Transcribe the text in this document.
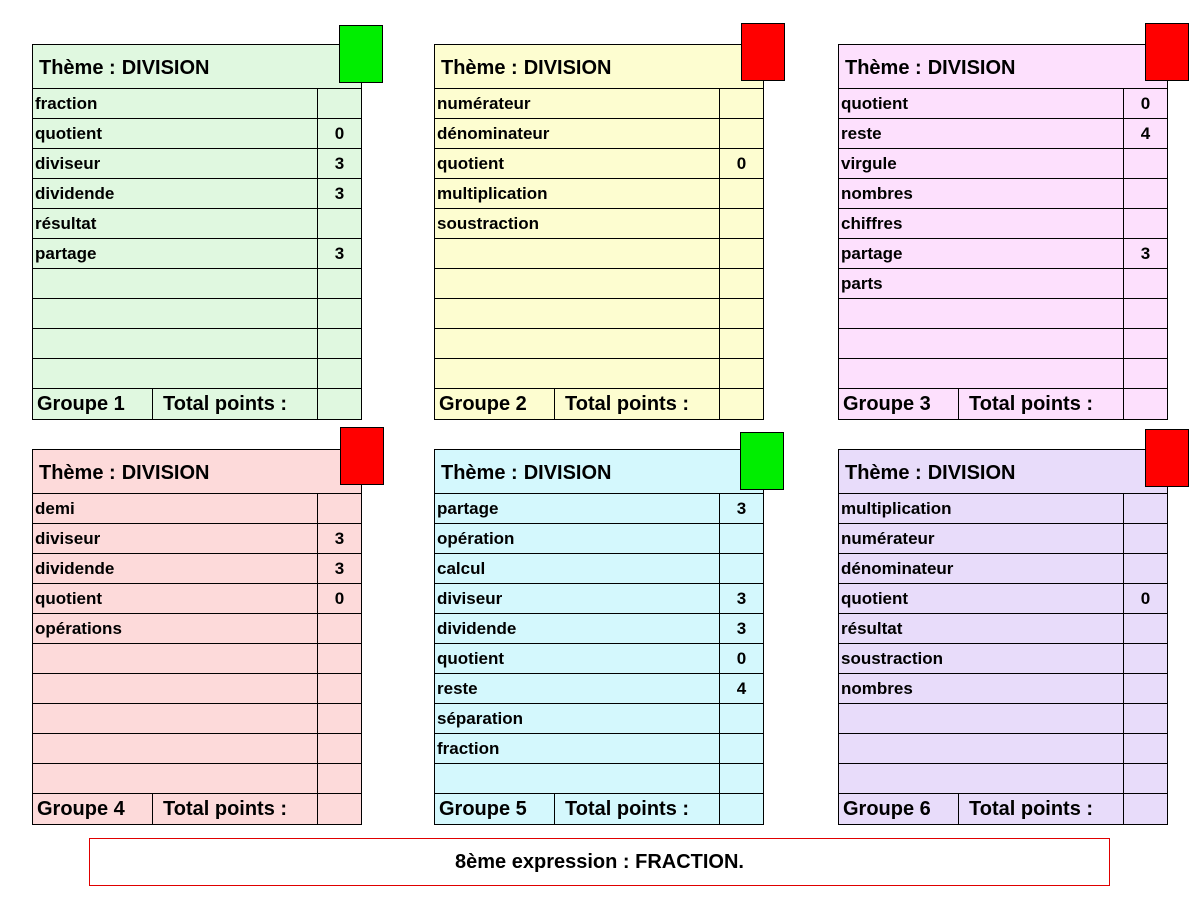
Thème : DIVISION
fraction
quotient	0
diviseur	3
dividende	3
résultat
partage	3
Groupe 1	Total points :
Thème : DIVISION
numérateur
dénominateur
quotient	0
multiplication
soustraction
Groupe 2	Total points :
Thème : DIVISION
quotient	0
reste	4
virgule
nombres
chiffres
partage	3
parts
Groupe 3	Total points :
Thème : DIVISION
demi
diviseur	3
dividende	3
quotient	0
opérations
Groupe 4	Total points :
Thème : DIVISION
partage	3
opération
calcul
diviseur	3
dividende	3
quotient	0
reste	4
séparation
fraction
Groupe 5	Total points :
Thème : DIVISION
multiplication
numérateur
dénominateur
quotient	0
résultat
soustraction
nombres
Groupe 6	Total points :
8ème expression : FRACTION.
